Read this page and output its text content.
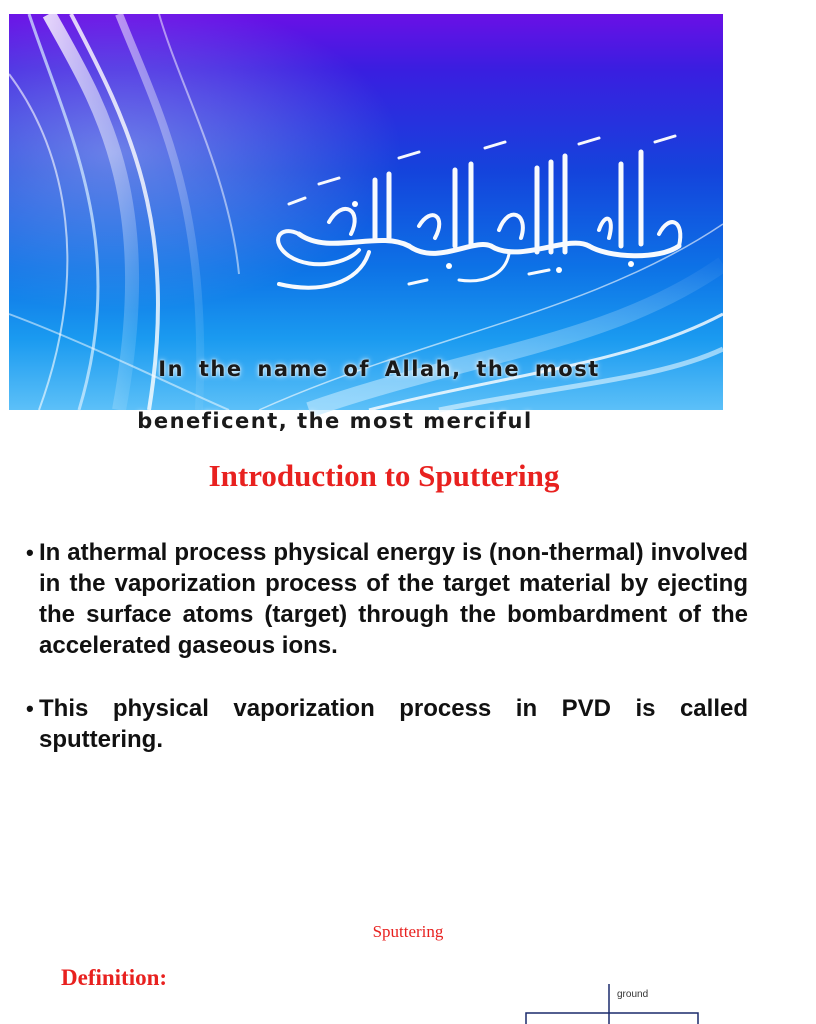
In the name of Allah, the most

beneficent, the most merciful

Introduction to Sputtering
• In athermal process physical energy is (non-thermal) involved in the vaporization process of the target material by ejecting the surface atoms (target) through the bombardment of the accelerated gaseous ions.
• This physical vaporization process in PVD is called sputtering.
Sputtering
Definition:
ground
